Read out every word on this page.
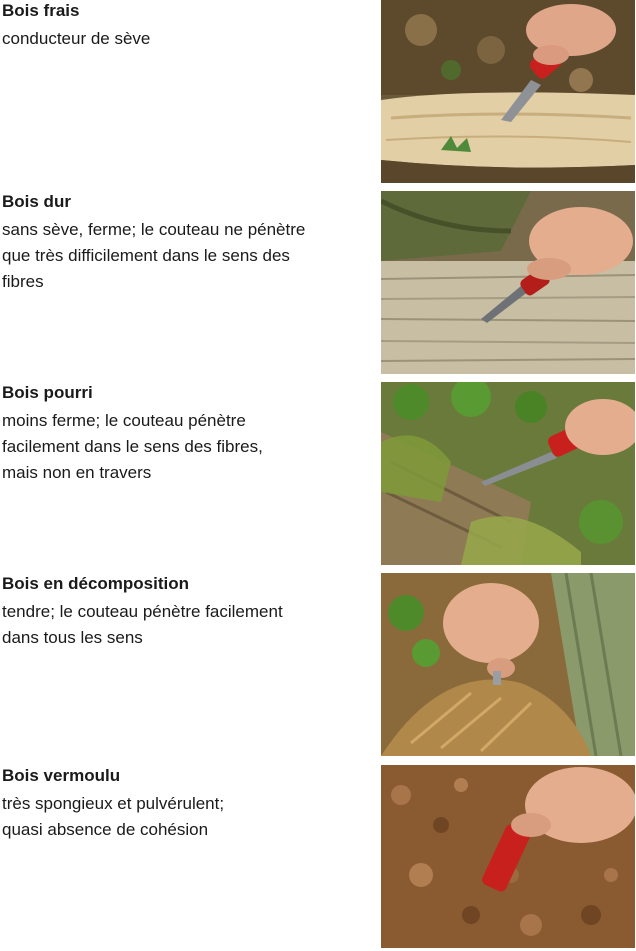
Bois frais
conducteur de sève
Bois dur
sans sève, ferme; le couteau ne pénètre
que très difficilement dans le sens des
fibres
Bois pourri
moins ferme; le couteau pénètre
facilement dans le sens des fibres,
mais non en travers
Bois en décomposition
tendre; le couteau pénètre facilement
dans tous les sens
Bois vermoulu
très spongieux et pulvérulent;
quasi absence de cohésion
